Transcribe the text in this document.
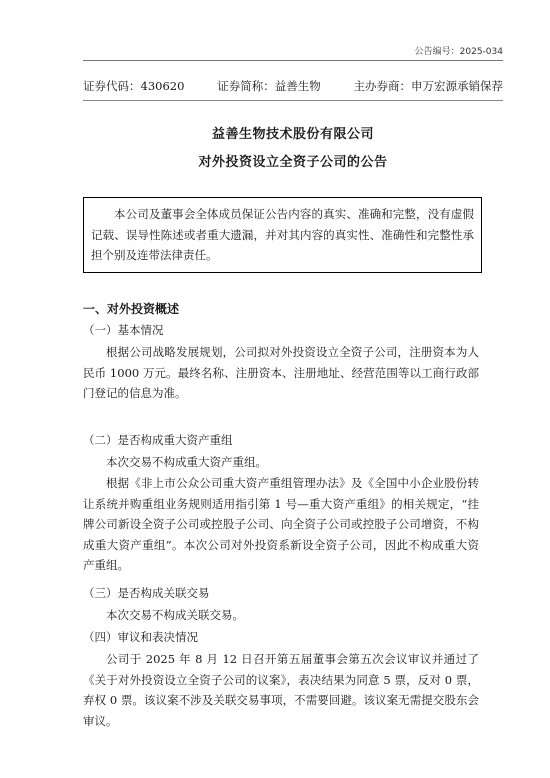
公告编号：2025-034
证券代码：430620	证券简称：益善生物	主办券商：申万宏源承销保荐
益善生物技术股份有限公司
对外投资设立全资子公司的公告
本公司及董事会全体成员保证公告内容的真实、准确和完整，没有虚假记载、误导性陈述或者重大遗漏，并对其内容的真实性、准确性和完整性承担个别及连带法律责任。
一、对外投资概述
（一）基本情况
根据公司战略发展规划，公司拟对外投资设立全资子公司，注册资本为人民币 1000 万元。最终名称、注册资本、注册地址、经营范围等以工商行政部门登记的信息为准。
（二）是否构成重大资产重组
本次交易不构成重大资产重组。
根据《非上市公众公司重大资产重组管理办法》及《全国中小企业股份转让系统并购重组业务规则适用指引第 1 号—重大资产重组》的相关规定，“挂牌公司新设全资子公司或控股子公司、向全资子公司或控股子公司增资，不构成重大资产重组”。本次公司对外投资系新设全资子公司，因此不构成重大资产重组。
（三）是否构成关联交易
本次交易不构成关联交易。
（四）审议和表决情况
公司于 2025 年 8 月 12 日召开第五届董事会第五次会议审议并通过了《关于对外投资设立全资子公司的议案》，表决结果为同意 5 票，反对 0 票，弃权 0 票。该议案不涉及关联交易事项，不需要回避。该议案无需提交股东会审议。
